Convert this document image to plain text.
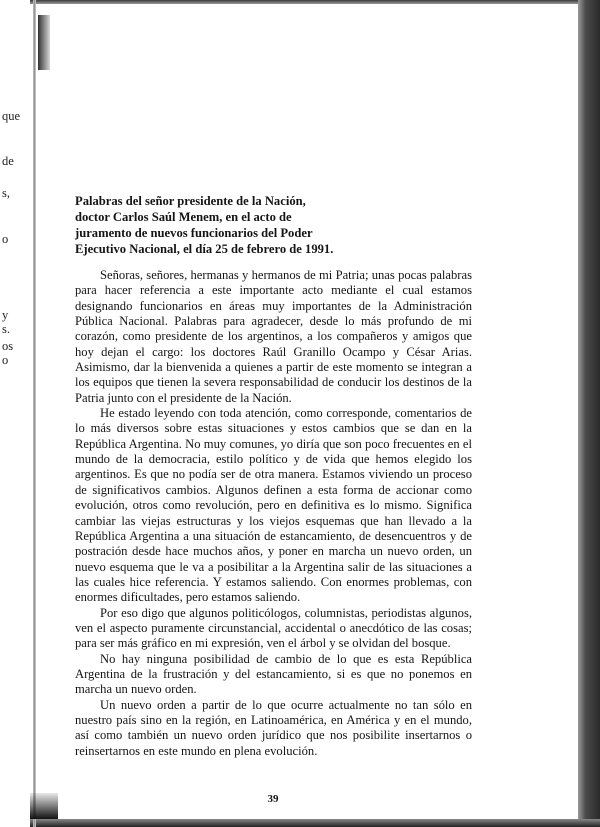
que
de
s,
o
y
s.
os
o
Palabras del señor presidente de la Nación,
doctor Carlos Saúl Menem, en el acto de
juramento de nuevos funcionarios del Poder
Ejecutivo Nacional, el día 25 de febrero de 1991.

Señoras, señores, hermanas y hermanos de mi Patria; unas pocas palabras para hacer referencia a este importante acto mediante el cual estamos designando funcionarios en áreas muy importantes de la Administración Pública Nacional. Palabras para agradecer, desde lo más profundo de mi corazón, como presidente de los argentinos, a los compañeros y amigos que hoy dejan el cargo: los doctores Raúl Granillo Ocampo y César Arias. Asimismo, dar la bienvenida a quienes a partir de este momento se integran a los equipos que tienen la severa responsabilidad de conducir los destinos de la Patria junto con el presidente de la Nación.

He estado leyendo con toda atención, como corresponde, comentarios de lo más diversos sobre estas situaciones y estos cambios que se dan en la República Argentina. No muy comunes, yo diría que son poco frecuentes en el mundo de la democracia, estilo político y de vida que hemos elegido los argentinos. Es que no podía ser de otra manera. Estamos viviendo un proceso de significativos cambios. Algunos definen a esta forma de accionar como evolución, otros como revolución, pero en definitiva es lo mismo. Significa cambiar las viejas estructuras y los viejos esquemas que han llevado a la República Argentina a una situación de estancamiento, de desencuentros y de postración desde hace muchos años, y poner en marcha un nuevo orden, un nuevo esquema que le va a posibilitar a la Argentina salir de las situaciones a las cuales hice referencia. Y estamos saliendo. Con enormes problemas, con enormes dificultades, pero estamos saliendo.

Por eso digo que algunos politicólogos, columnistas, periodistas algunos, ven el aspecto puramente circunstancial, accidental o anecdótico de las cosas; para ser más gráfico en mi expresión, ven el árbol y se olvidan del bosque.

No hay ninguna posibilidad de cambio de lo que es esta República Argentina de la frustración y del estancamiento, si es que no ponemos en marcha un nuevo orden.

Un nuevo orden a partir de lo que ocurre actualmente no tan sólo en nuestro país sino en la región, en Latinoamérica, en América y en el mundo, así como también un nuevo orden jurídico que nos posibilite insertarnos o reinsertarnos en este mundo en plena evolución.

39
